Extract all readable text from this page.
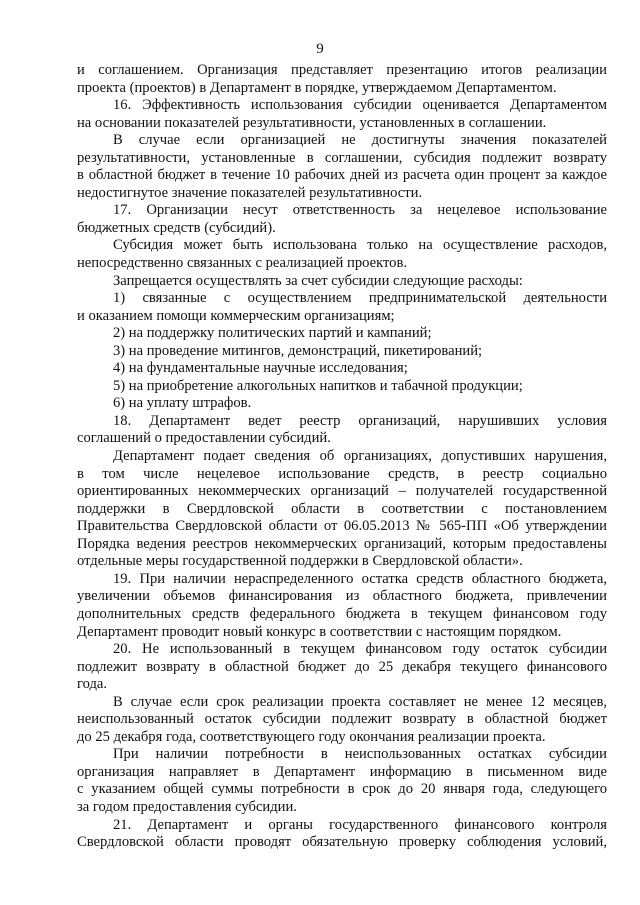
9
и соглашением. Организация представляет презентацию итогов реализации
проекта (проектов) в Департамент в порядке, утверждаемом Департаментом.
16. Эффективность использования субсидии оценивается Департаментом
на основании показателей результативности, установленных в соглашении.
В случае если организацией не достигнуты значения показателей
результативности, установленные в соглашении, субсидия подлежит возврату
в областной бюджет в течение 10 рабочих дней из расчета один процент за каждое
недостигнутое значение показателей результативности.
17. Организации несут ответственность за нецелевое использование
бюджетных средств (субсидий).
Субсидия может быть использована только на осуществление расходов,
непосредственно связанных с реализацией проектов.
Запрещается осуществлять за счет субсидии следующие расходы:
1) связанные с осуществлением предпринимательской деятельности
и оказанием помощи коммерческим организациям;
2) на поддержку политических партий и кампаний;
3) на проведение митингов, демонстраций, пикетирований;
4) на фундаментальные научные исследования;
5) на приобретение алкогольных напитков и табачной продукции;
6) на уплату штрафов.
18. Департамент ведет реестр организаций, нарушивших условия
соглашений о предоставлении субсидий.
Департамент подает сведения об организациях, допустивших нарушения,
в том числе нецелевое использование средств, в реестр социально
ориентированных некоммерческих организаций – получателей государственной
поддержки в Свердловской области в соответствии с постановлением
Правительства Свердловской области от 06.05.2013 № 565-ПП «Об утверждении
Порядка ведения реестров некоммерческих организаций, которым предоставлены
отдельные меры государственной поддержки в Свердловской области».
19. При наличии нераспределенного остатка средств областного бюджета,
увеличении объемов финансирования из областного бюджета, привлечении
дополнительных средств федерального бюджета в текущем финансовом году
Департамент проводит новый конкурс в соответствии с настоящим порядком.
20. Не использованный в текущем финансовом году остаток субсидии
подлежит возврату в областной бюджет до 25 декабря текущего финансового
года.
В случае если срок реализации проекта составляет не менее 12 месяцев,
неиспользованный остаток субсидии подлежит возврату в областной бюджет
до 25 декабря года, соответствующего году окончания реализации проекта.
При наличии потребности в неиспользованных остатках субсидии
организация направляет в Департамент информацию в письменном виде
с указанием общей суммы потребности в срок до 20 января года, следующего
за годом предоставления субсидии.
21. Департамент и органы государственного финансового контроля
Свердловской области проводят обязательную проверку соблюдения условий,
